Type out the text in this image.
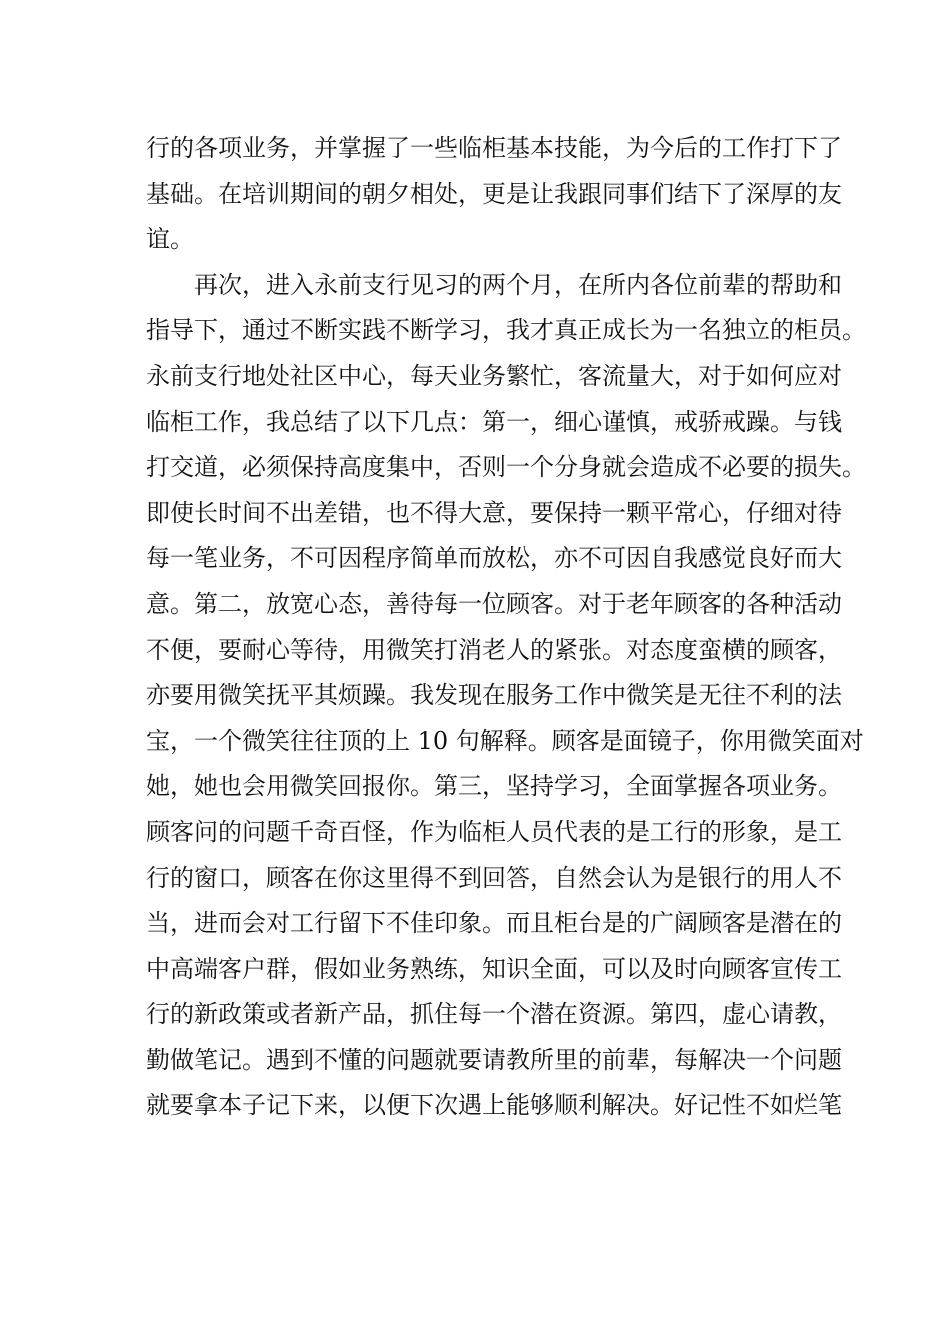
行的各项业务，并掌握了一些临柜基本技能，为今后的工作打下了
基础。在培训期间的朝夕相处，更是让我跟同事们结下了深厚的友
谊。
再次，进入永前支行见习的两个月，在所内各位前辈的帮助和
指导下，通过不断实践不断学习，我才真正成长为一名独立的柜员。
永前支行地处社区中心，每天业务繁忙，客流量大，对于如何应对
临柜工作，我总结了以下几点：第一，细心谨慎，戒骄戒躁。与钱
打交道，必须保持高度集中，否则一个分身就会造成不必要的损失。
即使长时间不出差错，也不得大意，要保持一颗平常心，仔细对待
每一笔业务，不可因程序简单而放松，亦不可因自我感觉良好而大
意。第二，放宽心态，善待每一位顾客。对于老年顾客的各种活动
不便，要耐心等待，用微笑打消老人的紧张。对态度蛮横的顾客，
亦要用微笑抚平其烦躁。我发现在服务工作中微笑是无往不利的法
宝，一个微笑往往顶的上 10 句解释。顾客是面镜子，你用微笑面对
她，她也会用微笑回报你。第三，坚持学习，全面掌握各项业务。
顾客问的问题千奇百怪，作为临柜人员代表的是工行的形象，是工
行的窗口，顾客在你这里得不到回答，自然会认为是银行的用人不
当，进而会对工行留下不佳印象。而且柜台是的广阔顾客是潜在的
中高端客户群，假如业务熟练，知识全面，可以及时向顾客宣传工
行的新政策或者新产品，抓住每一个潜在资源。第四，虚心请教，
勤做笔记。遇到不懂的问题就要请教所里的前辈，每解决一个问题
就要拿本子记下来，以便下次遇上能够顺利解决。好记性不如烂笔
